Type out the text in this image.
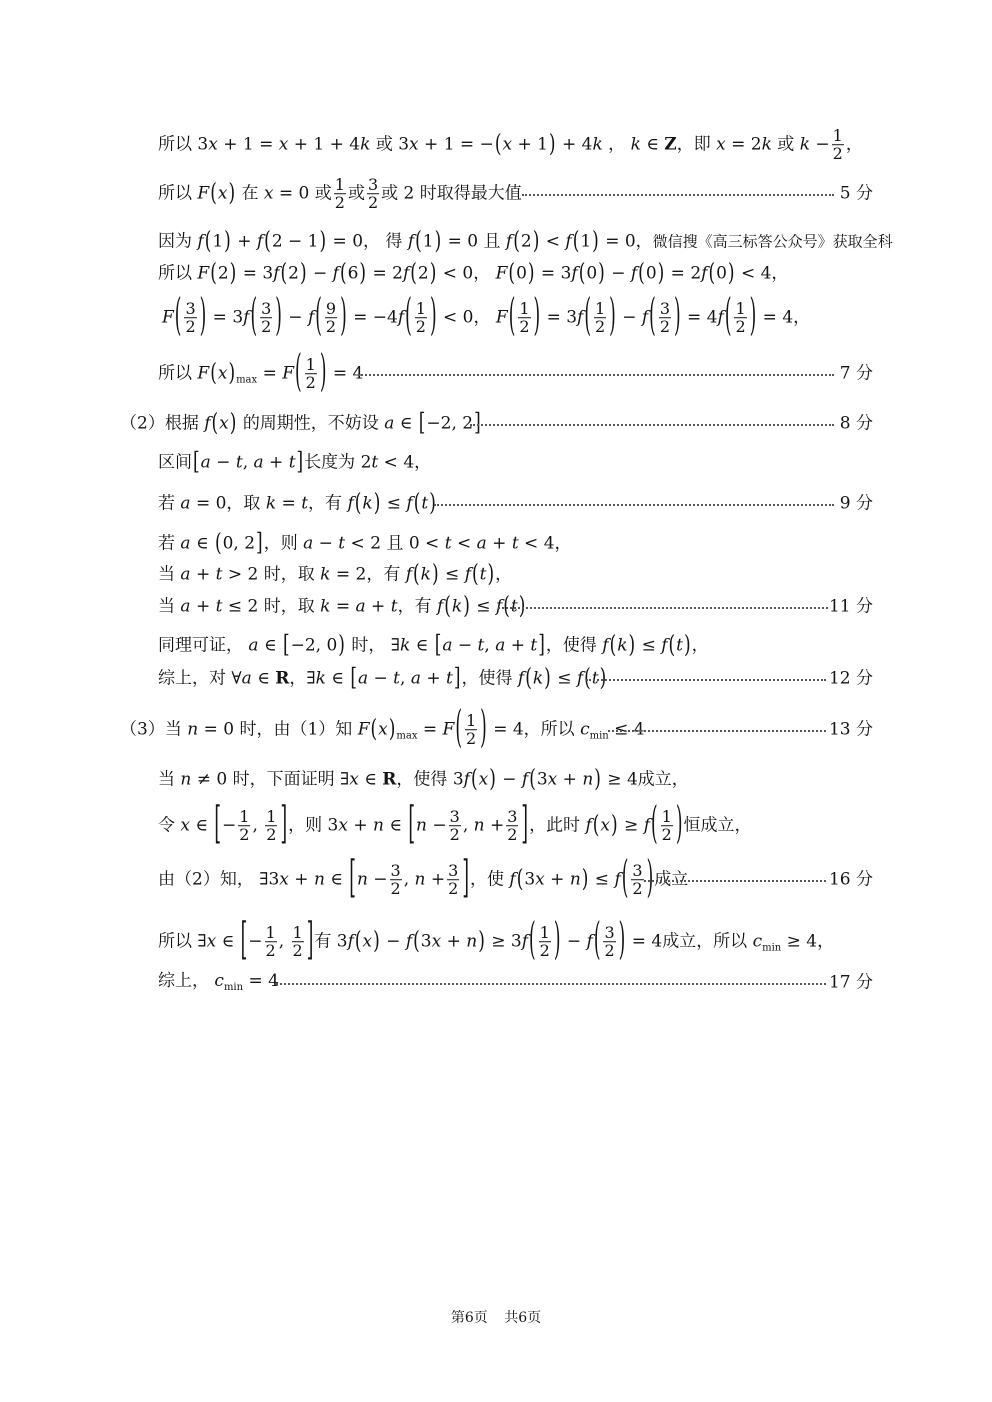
所以 3x + 1 = x + 1 + 4k 或 3x + 1 = −(x + 1) + 4k ， k ∈ Z，即 x = 2k 或 $k - \frac{1}{2}$ ，
所以 F(x) 在 x = 0 或 $\frac{1}{2}$ 或 $\frac{3}{2}$ 或 2 时取得最大值	5 分
因为 f(1) + f(2 − 1) = 0， 得 f(1) = 0 且 f(2) < f(1) = 0，微信搜《高三标答公众号》获取全科
所以 F(2) = 3f(2) − f(6) = 2f(2) < 0， F(0) = 3f(0) − f(0) = 2f(0) < 4，
$F( \frac{3}{2}$ ) = $3f( \frac{3}{2}$ ) − $f( \frac{9}{2}$ ) = $-4f( \frac{1}{2}$ ) < 0， $F( \frac{1}{2}$ ) = $3f( \frac{1}{2}$ ) − $f( \frac{3}{2}$ ) = $4f( \frac{1}{2}$ ) = 4，
所以 $F(x)_{max} = F( \frac{1}{2}$ ) = 4	7 分
（2）根据 f(x) 的周期性，不妨设 a ∈ [−2, 2]	8 分
区间[a − t, a + t]长度为 2t < 4，
若 a = 0，取 k = t，有 f(k) ≤ f(t)	9 分
若 a ∈ (0, 2]，则 a − t < 2 且 0 < t < a + t < 4，
当 a + t > 2 时，取 k = 2，有 f(k) ≤ f(t)，
当 a + t ≤ 2 时，取 k = a + t，有 f(k) ≤ f(t)	11 分
同理可证， a ∈ [−2, 0) 时， ∃k ∈ [a − t, a + t]，使得 f(k) ≤ f(t)，
综上，对 ∀a ∈ R，∃k ∈ [a − t, a + t]，使得 f(k) ≤ f(t)	12 分
（3）当 n = 0 时，由（1）知 $F(x)_{max} = F( \frac{1}{2}$ ) = 4，所以 $c_{min} \le 4$	13 分
当 n ≠ 0 时，下面证明 ∃x ∈ R，使得 3f(x) − f(3x + n) ≥ 4成立，
令 x ∈ [− $\frac{1}{2}$ , $\frac{1}{2}$ ]，则 3x + n ∈ [$n - \frac{3}{2}$ , $n + \frac{3}{2}$ ]，此时 $f(x) \ge f( \frac{1}{2}$ )恒成立，
由（2）知， ∃3x + n ∈ [$n - \frac{3}{2}$ , $n + \frac{3}{2}$ ]，使 $f(3x + n) \le f( \frac{3}{2}$ )成立	16 分
所以 ∃x ∈ [− $\frac{1}{2}$ , $\frac{1}{2}$ ]有 $3f(x) - f(3x + n) \ge 3f( \frac{1}{2}$ ) − $f( \frac{3}{2}$ ) = 4成立，所以 $c_{min} \ge 4$，
综上， $c_{min} = 4$	17 分
第6页 共6页
